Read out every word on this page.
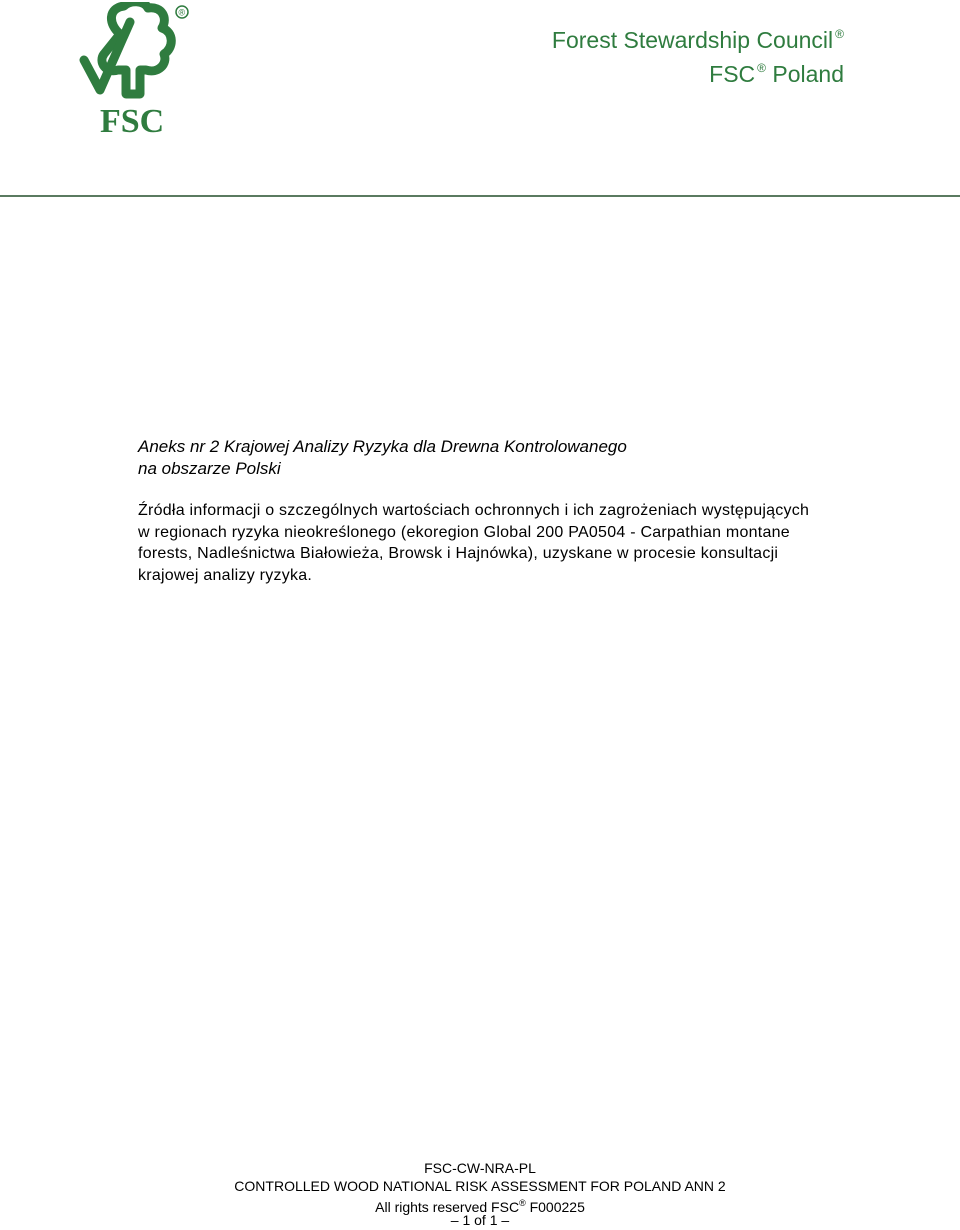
FSC
®
Forest Stewardship Council ®
FSC ® Poland
Aneks nr 2 Krajowej Analizy Ryzyka dla Drewna Kontrolowanego
na obszarze Polski
Źródła informacji o szczególnych wartościach ochronnych i ich zagrożeniach występujących
w regionach ryzyka nieokreślonego (ekoregion Global 200 PA0504 - Carpathian montane
forests, Nadleśnictwa Białowieża, Browsk i Hajnówka), uzyskane w procesie konsultacji
krajowej analizy ryzyka.
FSC-CW-NRA-PL
CONTROLLED WOOD NATIONAL RISK ASSESSMENT FOR POLAND ANN 2
All rights reserved FSC® F000225
– 1 of 1 –
